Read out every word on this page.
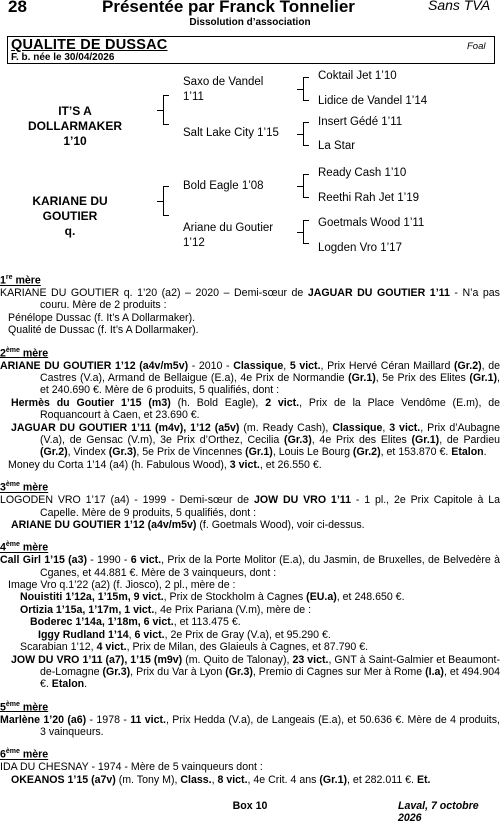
28	Présentée par Franck Tonnelier	Sans TVA
Dissolution d’association
QUALITE DE DUSSAC	Foal
F. b. née le 30/04/2026
IT’S A DOLLARMAKER
1’10
KARIANE DU GOUTIER
q.
Saxo de Vandel
1’11
Salt Lake City 1’15
Bold Eagle 1’08
Ariane du Goutier
1’12
Coktail Jet 1’10
Lidice de Vandel 1’14
Insert Gédé 1’11
La Star
Ready Cash 1’10
Reethi Rah Jet 1’19
Goetmals Wood 1’11
Logden Vro 1’17
1re mère

KARIANE DU GOUTIER q. 1’20 (a2) – 2020 – Demi-sœur de JAGUAR DU GOUTIER 1’11 - N’a pas couru. Mère de 2 produits :

Pénélope Dussac (f. It’s A Dollarmaker).

Qualité de Dussac (f. It’s A Dollarmaker).

2ème mère

ARIANE DU GOUTIER 1’12 (a4v/m5v) - 2010 - Classique, 5 vict., Prix Hervé Céran Maillard (Gr.2), de Castres (V.a), Armand de Bellaigue (E.a), 4e Prix de Normandie (Gr.1), 5e Prix des Elites (Gr.1), et 240.690 €. Mère de 6 produits, 5 qualifiés, dont :

Hermès du Goutier 1’15 (m3) (h. Bold Eagle), 2 vict., Prix de la Place Vendôme (E.m), de Roquancourt à Caen, et 23.690 €.

JAGUAR DU GOUTIER 1’11 (m4v), 1’12 (a5v) (m. Ready Cash), Classique, 3 vict., Prix d’Aubagne (V.a), de Gensac (V.m), 3e Prix d’Orthez, Cecilia (Gr.3), 4e Prix des Elites (Gr.1), de Pardieu (Gr.2), Vindex (Gr.3), 5e Prix de Vincennes (Gr.1), Louis Le Bourg (Gr.2), et 153.870 €. Etalon.

Money du Corta 1’14 (a4) (h. Fabulous Wood), 3 vict., et 26.550 €.

3ème mère

LOGODEN VRO 1’17 (a4) - 1999 - Demi-sœur de JOW DU VRO 1’11 - 1 pl., 2e Prix Capitole à La Capelle. Mère de 9 produits, 5 qualifiés, dont :

ARIANE DU GOUTIER 1’12 (a4v/m5v) (f. Goetmals Wood), voir ci-dessus.

4ème mère

Call Girl 1’15 (a3) - 1990 - 6 vict., Prix de la Porte Molitor (E.a), du Jasmin, de Bruxelles, de Belvedère à Cganes, et 44.881 €. Mère de 3 vainqueurs, dont :

Image Vro q.1’22 (a2) (f. Jiosco), 2 pl., mère de :

Nouistiti 1’12a, 1’15m, 9 vict., Prix de Stockholm à Cagnes (EU.a), et 248.650 €.

Ortizia 1’15a, 1’17m, 1 vict., 4e Prix Pariana (V.m), mère de :

Boderec 1’14a, 1’18m, 6 vict., et 113.475 €.

Iggy Rudland 1’14, 6 vict., 2e Prix de Gray (V.a), et 95.290 €.

Scarabian 1’12, 4 vict., Prix de Milan, des Glaieuls à Cagnes, et 87.790 €.

JOW DU VRO 1’11 (a7), 1’15 (m9v) (m. Quito de Talonay), 23 vict., GNT à Saint-Galmier et Beaumont-de-Lomagne (Gr.3), Prix du Var à Lyon (Gr.3), Premio di Cagnes sur Mer à Rome (I.a), et 494.904 €. Etalon.

5ème mère

Marlène 1’20 (a6) - 1978 - 11 vict., Prix Hedda (V.a), de Langeais (E.a), et 50.636 €. Mère de 4 produits, 3 vainqueurs.

6ème mère

IDA DU CHESNAY - 1974 - Mère de 5 vainqueurs dont :

OKEANOS 1’15 (a7v) (m. Tony M), Class., 8 vict., 4e Crit. 4 ans (Gr.1), et 282.011 €. Et.

Box 10	Laval, 7 octobre 2026
